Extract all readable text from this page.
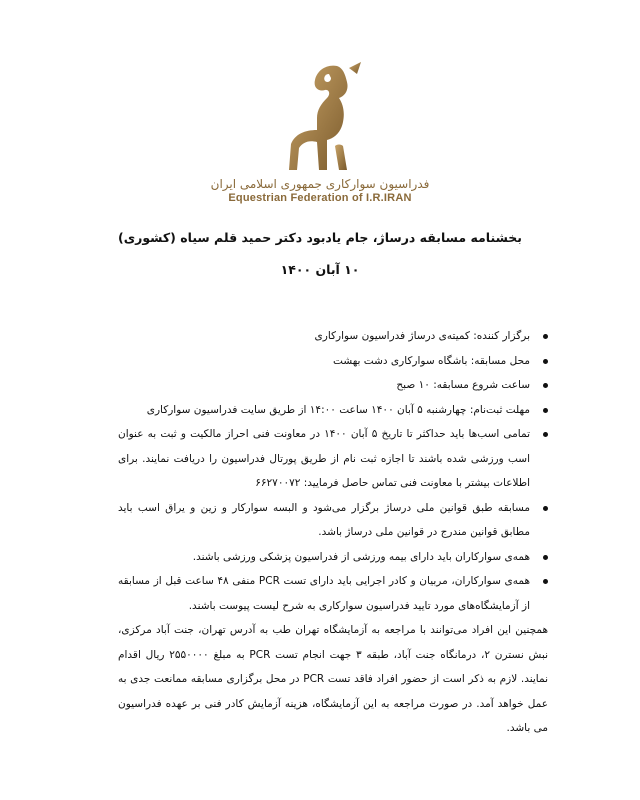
فدراسیون سوارکاری جمهوری اسلامی ایران
Equestrian Federation of I.R.IRAN
بخشنامه مسابقه درساژ، جام یادبود دکتر حمید قلم سیاه (کشوری)
۱۰ آبان ۱۴۰۰
برگزار کننده: کمیته‌ی درساژ فدراسیون سوارکاری
محل مسابقه: باشگاه سوارکاری دشت بهشت
ساعت شروع مسابقه: ۱۰ صبح
مهلت ثبت‌نام: چهارشنبه ۵ آبان ۱۴۰۰ ساعت ۱۴:۰۰ از طریق سایت فدراسیون سوارکاری
تمامی اسب‌ها باید حداکثر تا تاریخ ۵ آبان ۱۴۰۰ در معاونت فنی احراز مالکیت و ثبت به عنوان اسب ورزشی شده باشند تا اجازه ثبت نام از طریق پورتال فدراسیون را دریافت نمایند. برای اطلاعات بیشتر با معاونت فنی تماس حاصل فرمایید: ۶۶۲۷۰۰۷۲
مسابقه طبق قوانین ملی درساژ برگزار می‌شود و البسه سوارکار و زین و یراق اسب باید مطابق قوانین مندرج در قوانین ملی درساژ باشد.
همه‌ی سوارکاران باید دارای بیمه ورزشی از فدراسیون پزشکی ورزشی باشند.
همه‌ی سوارکاران، مربیان و کادر اجرایی باید دارای تست PCR منفی ۴۸ ساعت قبل از مسابقه از آزمایشگاه‌های مورد تایید فدراسیون سوارکاری به شرح لیست پیوست باشند.

همچنین این افراد می‌توانند با مراجعه به آزمایشگاه تهران طب به آدرس تهران، جنت آباد مرکزی، نبش نسترن ۲، درمانگاه جنت آباد، طبقه ۳ جهت انجام تست PCR به مبلغ ۲۵۵۰۰۰۰ ریال اقدام نمایند. لازم به ذکر است از حضور افراد فاقد تست PCR در محل برگزاری مسابقه ممانعت جدی به عمل خواهد آمد. در صورت مراجعه به این آزمایشگاه، هزینه آزمایش کادر فنی بر عهده فدراسیون می باشد.
